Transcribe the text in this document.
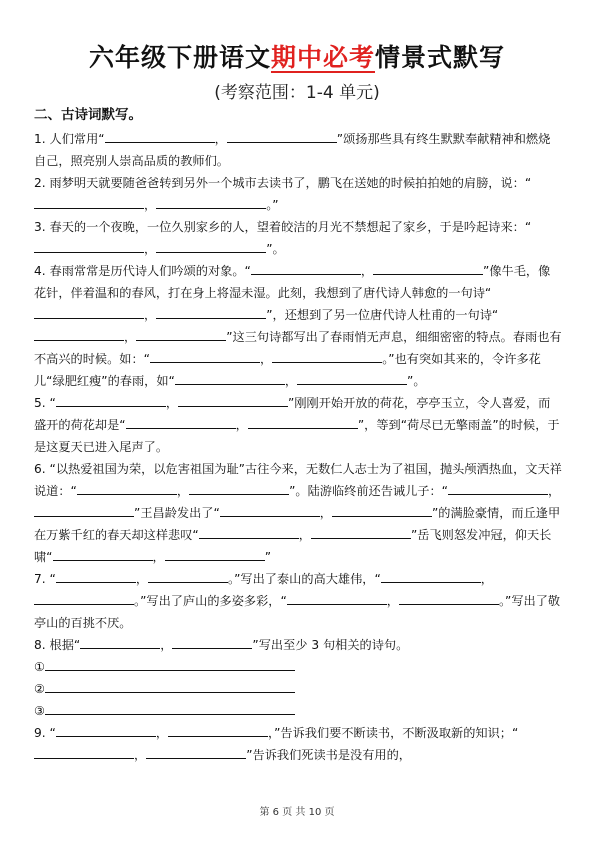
六年级下册语文期中必考情景式默写
(考察范围：1-4 单元)
二、古诗词默写。

1. 人们常用“	，	”颂扬那些具有终生默默奉献精神和燃烧自己，照亮别人崇高品质的教师们。

2. 雨梦明天就要随爸爸转到另外一个城市去读书了，鹏飞在送她的时候拍拍她的肩膀，说：“，	。”

3. 春天的一个夜晚，一位久别家乡的人，望着皎洁的月光不禁想起了家乡，于是吟起诗来：“，	”。

4. 春雨常常是历代诗人们吟颂的对象。“	，	”像牛毛，像花针，伴着温和的春风，打在身上将湿未湿。此刻，我想到了唐代诗人韩愈的一句诗“，	”，还想到了另一位唐代诗人杜甫的一句诗“，	”这三句诗都写出了春雨悄无声息，细细密密的特点。春雨也有不高兴的时候。如：“	，	。”也有突如其来的，令许多花儿“绿肥红瘦”的春雨，如“	，	”。

5. “	，	”刚刚开始开放的荷花，亭亭玉立，令人喜爱，而盛开的荷花却是“	，	”，等到“荷尽已无擎雨盖”的时候，于是这夏天已进入尾声了。

6. “以热爱祖国为荣，以危害祖国为耻”古往今来，无数仁人志士为了祖国，抛头颅洒热血，文天祥说道：“	，	”。陆游临终前还告诫儿子：“	，”王昌龄发出了“	，	”的满脸豪情，而丘逢甲在万紫千红的春天却这样悲叹“	，	”岳飞则怒发冲冠，仰天长啸“	，	”

7. “	，	。”写出了泰山的高大雄伟，“	，。”写出了庐山的多姿多彩，“	，	。”写出了敬亭山的百挑不厌。

8. 根据“	，	”写出至少 3 句相关的诗句。

①

②

③

9. “	，	，”告诉我们要不断读书，不断汲取新的知识；“，	”告诉我们死读书是没有用的，

第 6 页 共 10 页
